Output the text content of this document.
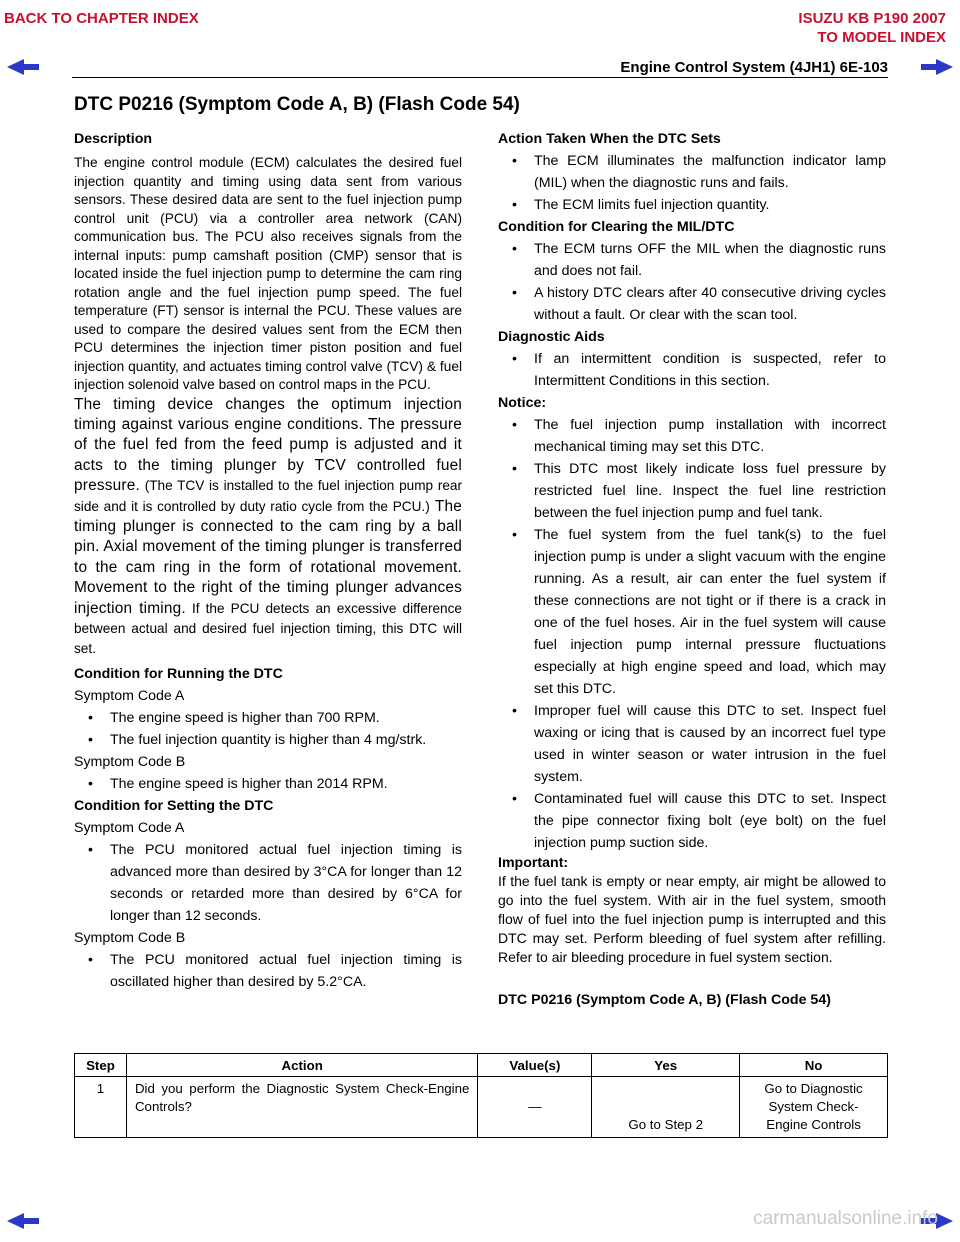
BACK TO CHAPTER INDEX	ISUZU KB P190 2007
TO MODEL INDEX
Engine Control System (4JH1) 6E-103
DTC P0216 (Symptom Code A, B) (Flash Code 54)
Description
The engine control module (ECM) calculates the desired fuel injection quantity and timing using data sent from various sensors. These desired data are sent to the fuel injection pump control unit (PCU) via a controller area network (CAN) communication bus. The PCU also receives signals from the internal inputs: pump camshaft position (CMP) sensor that is located inside the fuel injection pump to determine the cam ring rotation angle and the fuel injection pump speed. The fuel temperature (FT) sensor is internal the PCU. These values are used to compare the desired values sent from the ECM then PCU determines the injection timer piston position and fuel injection quantity, and actuates timing control valve (TCV) & fuel injection solenoid valve based on control maps in the PCU.
The timing device changes the optimum injection timing against various engine conditions. The pressure of the fuel fed from the feed pump is adjusted and it acts to the timing plunger by TCV controlled fuel pressure. (The TCV is installed to the fuel injection pump rear side and it is controlled by duty ratio cycle from the PCU.) The timing plunger is connected to the cam ring by a ball pin. Axial movement of the timing plunger is transferred to the cam ring in the form of rotational movement. Movement to the right of the timing plunger advances injection timing. If the PCU detects an excessive difference between actual and desired fuel injection timing, this DTC will set.
Condition for Running the DTC
Symptom Code A
• The engine speed is higher than 700 RPM.
• The fuel injection quantity is higher than 4 mg/strk.
Symptom Code B
• The engine speed is higher than 2014 RPM.
Condition for Setting the DTC
Symptom Code A
• The PCU monitored actual fuel injection timing is advanced more than desired by 3°CA for longer than 12 seconds or retarded more than desired by 6°CA for longer than 12 seconds.
Symptom Code B
• The PCU monitored actual fuel injection timing is oscillated higher than desired by 5.2°CA.
Action Taken When the DTC Sets
• The ECM illuminates the malfunction indicator lamp (MIL) when the diagnostic runs and fails.
• The ECM limits fuel injection quantity.
Condition for Clearing the MIL/DTC
• The ECM turns OFF the MIL when the diagnostic runs and does not fail.
• A history DTC clears after 40 consecutive driving cycles without a fault. Or clear with the scan tool.
Diagnostic Aids
• If an intermittent condition is suspected, refer to Intermittent Conditions in this section.
Notice:
• The fuel injection pump installation with incorrect mechanical timing may set this DTC.
• This DTC most likely indicate loss fuel pressure by restricted fuel line. Inspect the fuel line restriction between the fuel injection pump and fuel tank.
• The fuel system from the fuel tank(s) to the fuel injection pump is under a slight vacuum with the engine running. As a result, air can enter the fuel system if these connections are not tight or if there is a crack in one of the fuel hoses. Air in the fuel system will cause fuel injection pump internal pressure fluctuations especially at high engine speed and load, which may set this DTC.
• Improper fuel will cause this DTC to set. Inspect fuel waxing or icing that is caused by an incorrect fuel type used in winter season or water intrusion in the fuel system.
• Contaminated fuel will cause this DTC to set. Inspect the pipe connector fixing bolt (eye bolt) on the fuel injection pump suction side.
Important:
If the fuel tank is empty or near empty, air might be allowed to go into the fuel system. With air in the fuel system, smooth flow of fuel into the fuel injection pump is interrupted and this DTC may set. Perform bleeding of fuel system after refilling. Refer to air bleeding procedure in fuel system section.
DTC P0216 (Symptom Code A, B) (Flash Code 54)
Step	Action	Value(s)	Yes	No
1	Did you perform the Diagnostic System Check-Engine Controls?	—	Go to Step 2	Go to Diagnostic System Check-Engine Controls
carmanualsonline.info
